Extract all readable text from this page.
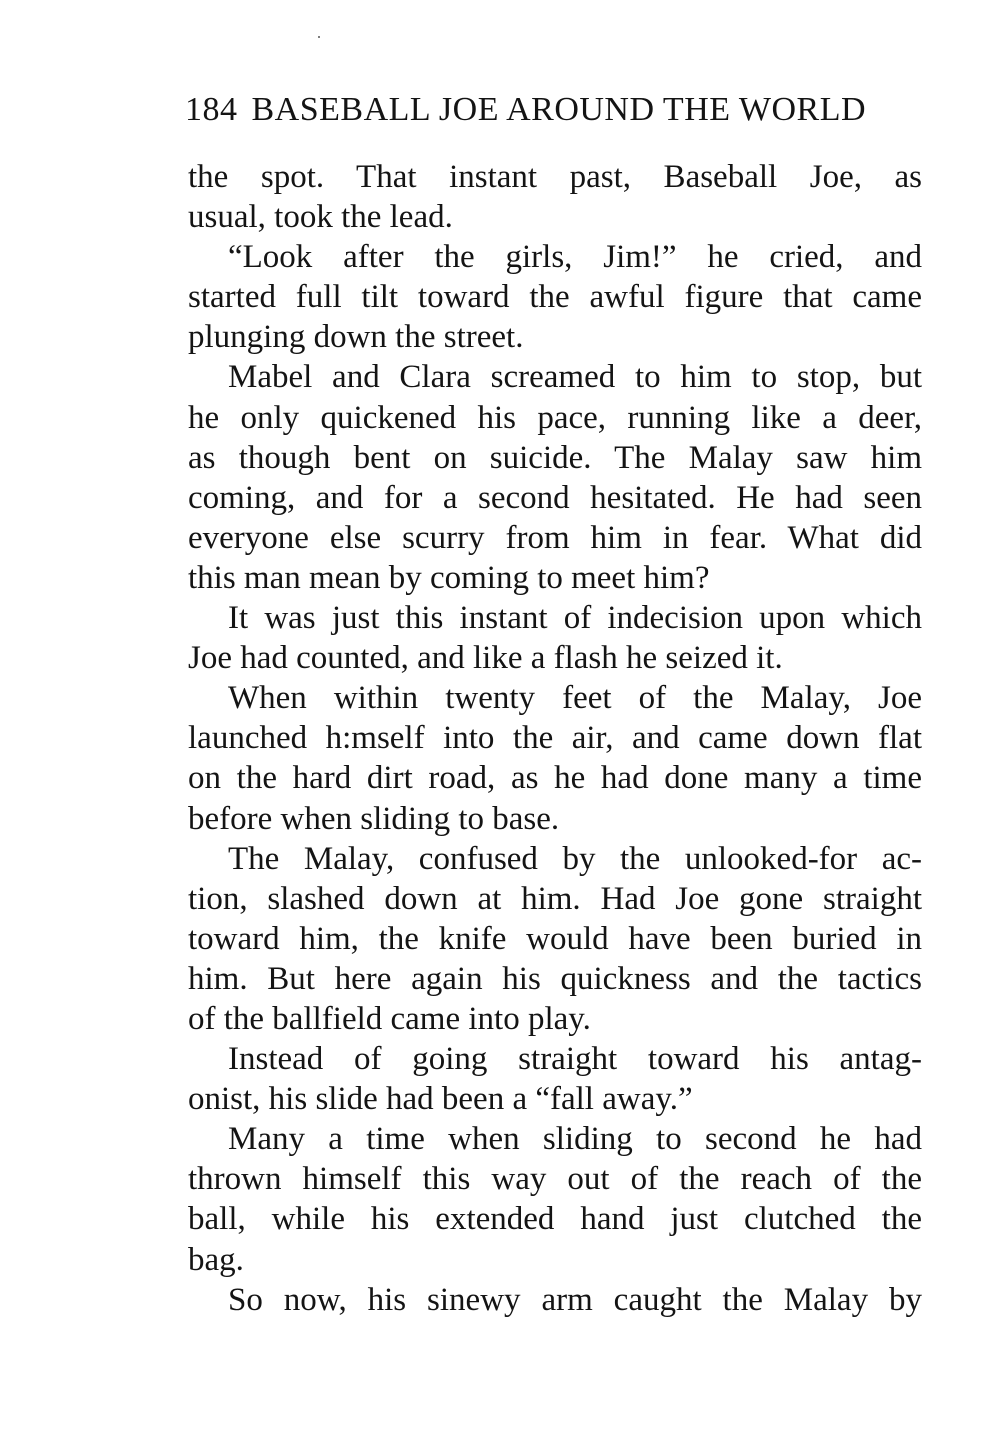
184 BASEBALL JOE AROUND THE WORLD
the spot. That instant past, Baseball Joe, as
usual, took the lead.
“Look after the girls, Jim!” he cried, and
started full tilt toward the awful figure that came
plunging down the street.
Mabel and Clara screamed to him to stop, but
he only quickened his pace, running like a deer,
as though bent on suicide. The Malay saw him
coming, and for a second hesitated. He had seen
everyone else scurry from him in fear. What did
this man mean by coming to meet him?
It was just this instant of indecision upon which
Joe had counted, and like a flash he seized it.
When within twenty feet of the Malay, Joe
launched h:mself into the air, and came down flat
on the hard dirt road, as he had done many a time
before when sliding to base.
The Malay, confused by the unlooked-for ac-
tion, slashed down at him. Had Joe gone straight
toward him, the knife would have been buried in
him. But here again his quickness and the tactics
of the ballfield came into play.
Instead of going straight toward his antag-
onist, his slide had been a “fall away.”
Many a time when sliding to second he had
thrown himself this way out of the reach of the
ball, while his extended hand just clutched the
bag.
So now, his sinewy arm caught the Malay by
